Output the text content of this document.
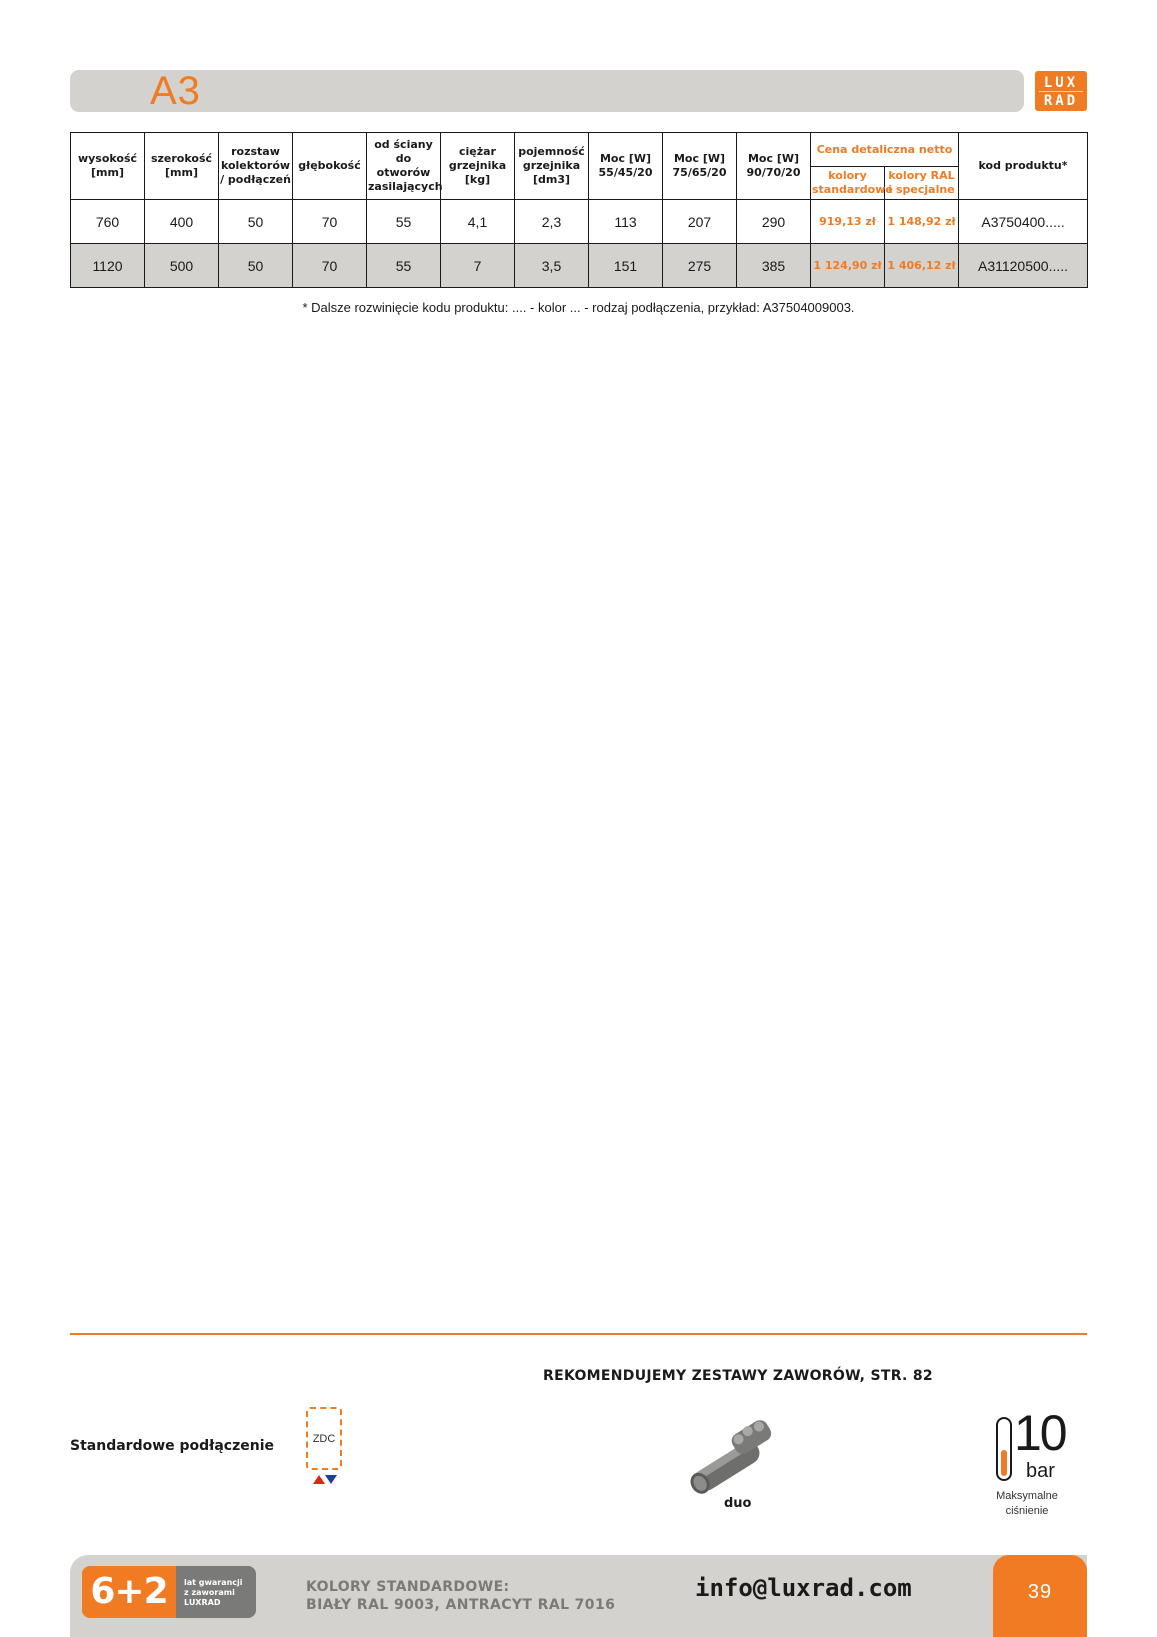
A3	LUX
RAD
wysokość [mm]	szerokość [mm]	rozstaw kolektorów / podłączeń	głębokość	od ściany do otworów zasilających	ciężar grzejnika [kg]	pojemność grzejnika [dm3]	Moc [W] 55/45/20	Moc [W] 75/65/20	Moc [W] 90/70/20	Cena detaliczna netto		kod produktu*
										kolory standardowe	kolory RAL i specjalne	
760	400	50	70	55	4,1	2,3	113	207	290	919,13 zł	1 148,92 zł	A3750400.....
1120	500	50	70	55	7	3,5	151	275	385	1 124,90 zł	1 406,12 zł	A31120500.....
* Dalsze rozwinięcie kodu produktu: .... - kolor ... - rodzaj podłączenia, przykład: A37504009003.
REKOMENDUJEMY ZESTAWY ZAWORÓW, STR. 82
Standardowe podłączenie	ZDC
duo
10
bar
Maksymalne
ciśnienie
6+2	lat gwarancji
z zaworami
LUXRAD
KOLORY STANDARDOWE:
BIAŁY RAL 9003, ANTRACYT RAL 7016
info@luxrad.com	39
